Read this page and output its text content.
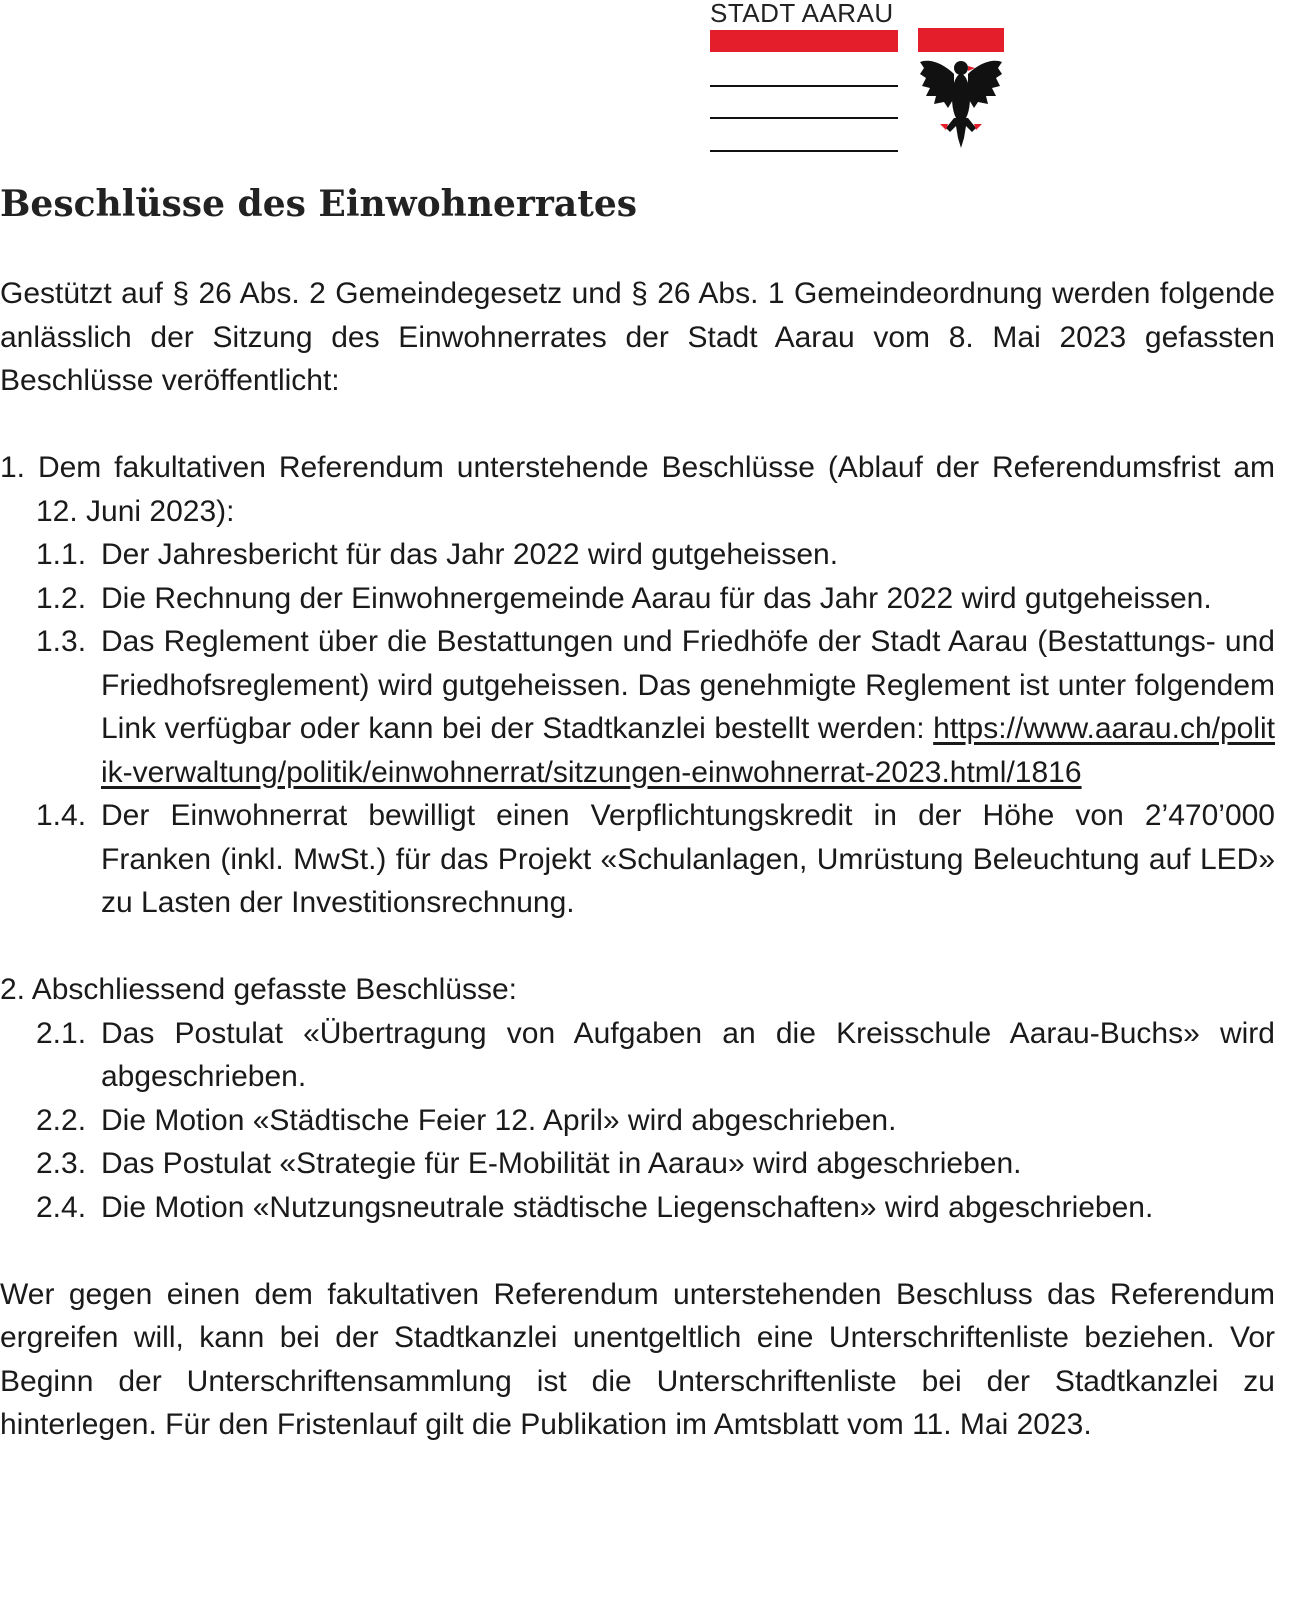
STADT AARAU
Beschlüsse des Einwohnerrates

Gestützt auf § 26 Abs. 2 Gemeindegesetz und § 26 Abs. 1 Gemeindeordnung werden folgende anlässlich der Sitzung des Einwohnerrates der Stadt Aarau vom 8. Mai 2023 gefassten Beschlüsse veröffentlicht:

1. Dem fakultativen Referendum unterstehende Beschlüsse (Ablauf der Referendumsfrist am 12. Juni 2023):
1.1. Der Jahresbericht für das Jahr 2022 wird gutgeheissen.
1.2. Die Rechnung der Einwohnergemeinde Aarau für das Jahr 2022 wird gutgeheissen.
1.3. Das Reglement über die Bestattungen und Friedhöfe der Stadt Aarau (Bestattungs- und Friedhofsreglement) wird gutgeheissen. Das genehmigte Reglement ist unter folgendem Link verfügbar oder kann bei der Stadtkanzlei bestellt werden: https://www.aarau.ch/politik-verwaltung/politik/einwohnerrat/sitzungen-einwohnerrat-2023.html/1816
1.4. Der Einwohnerrat bewilligt einen Verpflichtungskredit in der Höhe von 2’470’000 Franken (inkl. MwSt.) für das Projekt «Schulanlagen, Umrüstung Beleuchtung auf LED» zu Lasten der Investitionsrechnung.
2. Abschliessend gefasste Beschlüsse:
2.1. Das Postulat «Übertragung von Aufgaben an die Kreisschule Aarau-Buchs» wird abgeschrieben.
2.2. Die Motion «Städtische Feier 12. April» wird abgeschrieben.
2.3. Das Postulat «Strategie für E-Mobilität in Aarau» wird abgeschrieben.
2.4. Die Motion «Nutzungsneutrale städtische Liegenschaften» wird abgeschrieben.

Wer gegen einen dem fakultativen Referendum unterstehenden Beschluss das Referendum ergreifen will, kann bei der Stadtkanzlei unentgeltlich eine Unterschriftenliste beziehen. Vor Beginn der Unterschriftensammlung ist die Unterschriftenliste bei der Stadtkanzlei zu hinterlegen. Für den Fristenlauf gilt die Publikation im Amtsblatt vom 11. Mai 2023.
